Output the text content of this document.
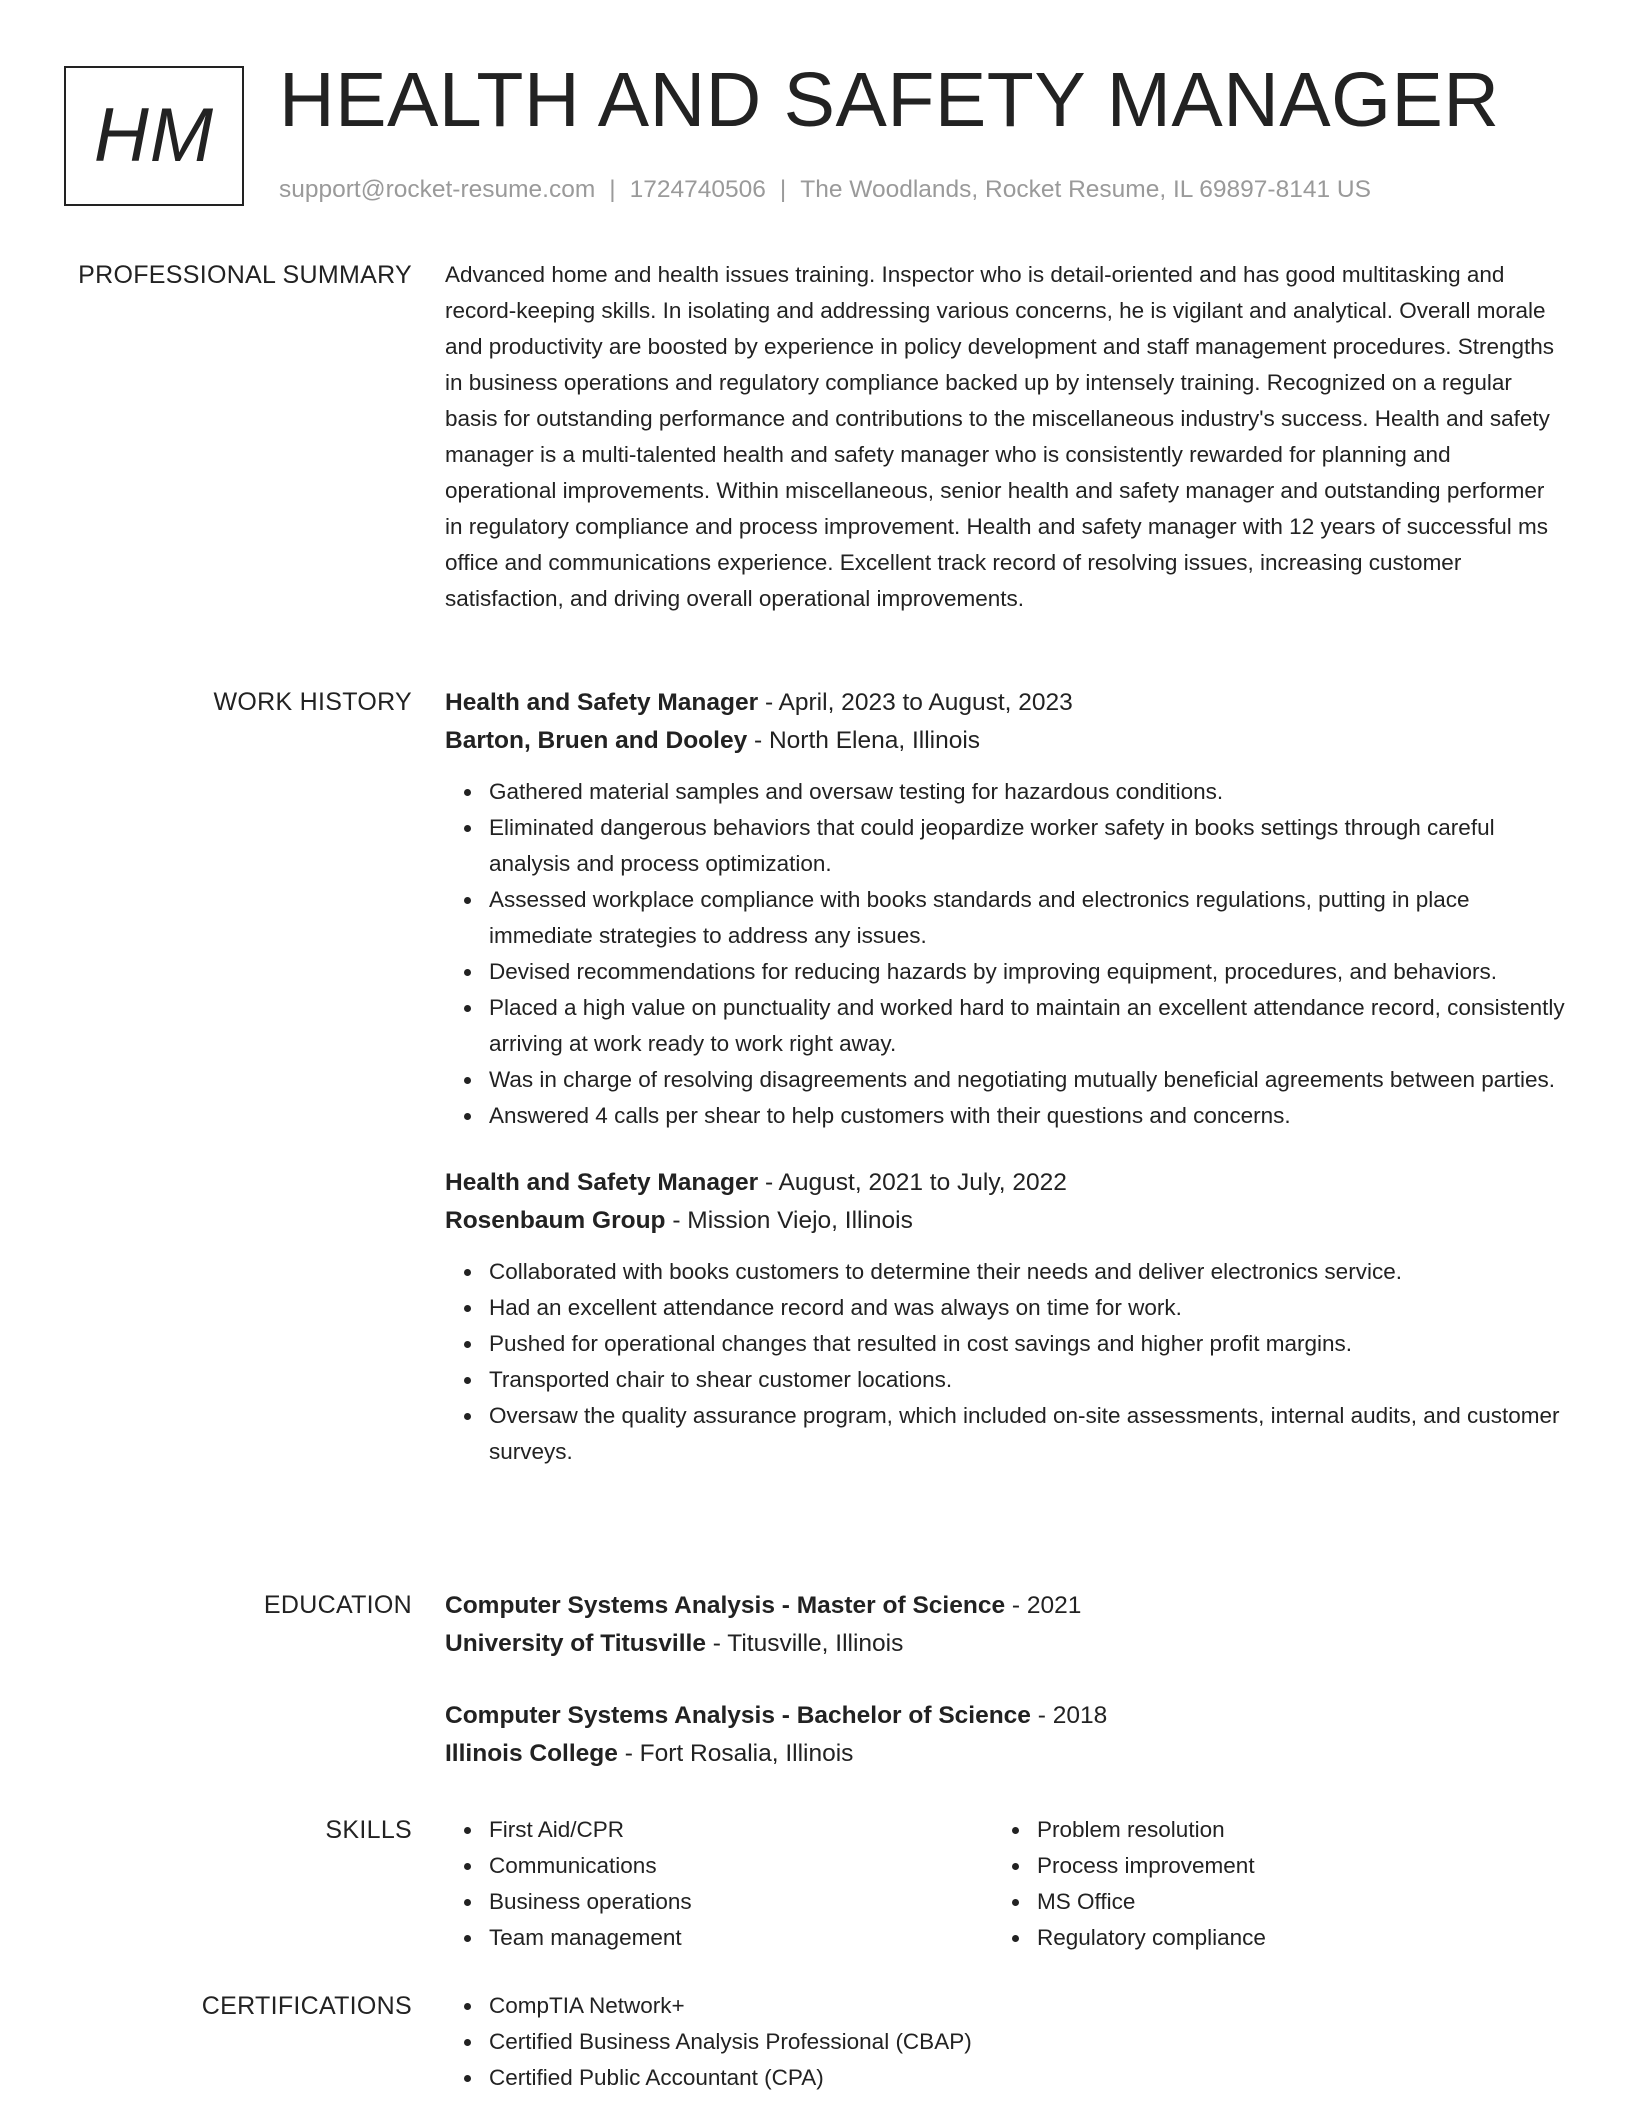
HM HEALTH AND SAFETY MANAGER
support@rocket-resume.com | 1724740506 | The Woodlands, Rocket Resume, IL 69897-8141 US
PROFESSIONAL SUMMARY Advanced home and health issues training. Inspector who is detail-oriented and has good multitasking and record-keeping skills. In isolating and addressing various concerns, he is vigilant and analytical. Overall morale and productivity are boosted by experience in policy development and staff management procedures. Strengths in business operations and regulatory compliance backed up by intensely training. Recognized on a regular basis for outstanding performance and contributions to the miscellaneous industry's success. Health and safety manager is a multi-talented health and safety manager who is consistently rewarded for planning and operational improvements. Within miscellaneous, senior health and safety manager and outstanding performer in regulatory compliance and process improvement. Health and safety manager with 12 years of successful ms office and communications experience. Excellent track record of resolving issues, increasing customer satisfaction, and driving overall operational improvements.

WORK HISTORY Health and Safety Manager - April, 2023 to August, 2023
Barton, Bruen and Dooley - North Elena, Illinois
Gathered material samples and oversaw testing for hazardous conditions.
Eliminated dangerous behaviors that could jeopardize worker safety in books settings through careful analysis and process optimization.
Assessed workplace compliance with books standards and electronics regulations, putting in place immediate strategies to address any issues.
Devised recommendations for reducing hazards by improving equipment, procedures, and behaviors.
Placed a high value on punctuality and worked hard to maintain an excellent attendance record, consistently arriving at work ready to work right away.
Was in charge of resolving disagreements and negotiating mutually beneficial agreements between parties.
Answered 4 calls per shear to help customers with their questions and concerns.
Health and Safety Manager - August, 2021 to July, 2022
Rosenbaum Group - Mission Viejo, Illinois
Collaborated with books customers to determine their needs and deliver electronics service.
Had an excellent attendance record and was always on time for work.
Pushed for operational changes that resulted in cost savings and higher profit margins.
Transported chair to shear customer locations.
Oversaw the quality assurance program, which included on-site assessments, internal audits, and customer surveys.
EDUCATION Computer Systems Analysis - Master of Science - 2021
University of Titusville - Titusville, Illinois
Computer Systems Analysis - Bachelor of Science - 2018
Illinois College - Fort Rosalia, Illinois
SKILLS	First Aid/CPR
Communications
Business operations
Team management
Problem resolution
Process improvement
MS Office
Regulatory compliance
CERTIFICATIONS	CompTIA Network+
Certified Business Analysis Professional (CBAP)
Certified Public Accountant (CPA)
